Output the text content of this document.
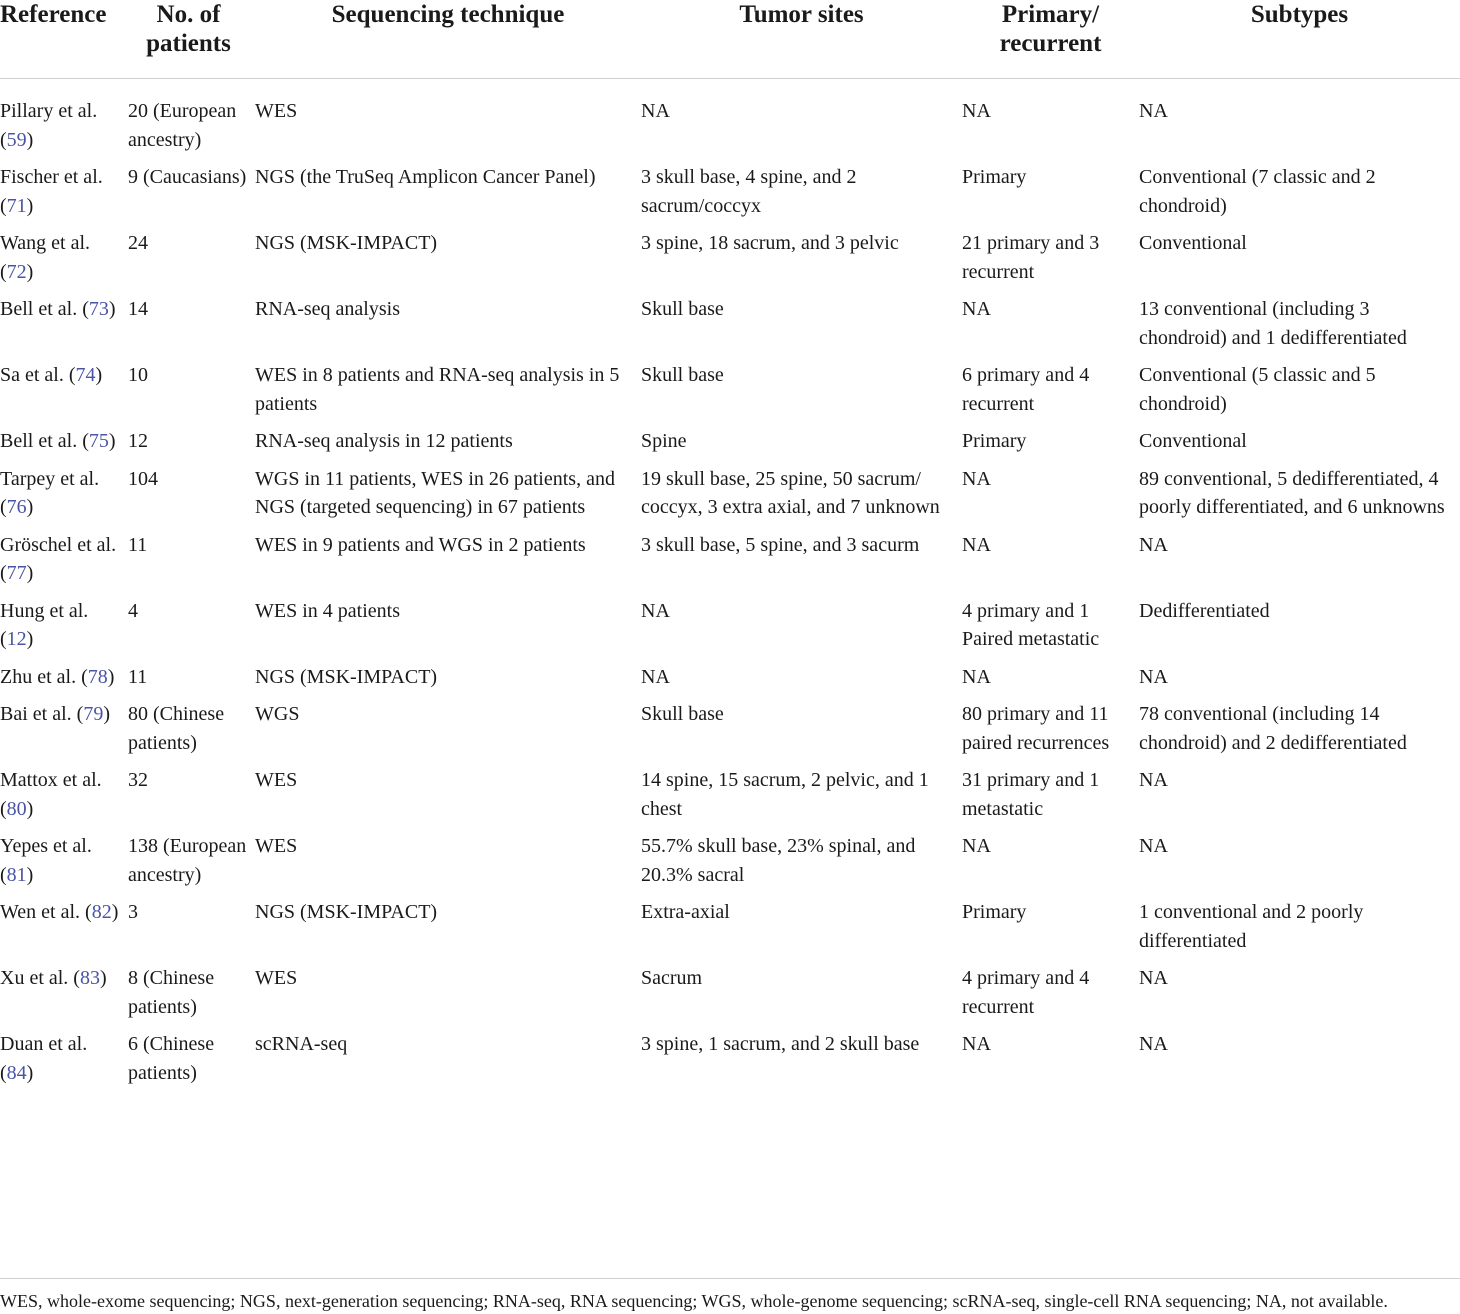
Reference	No. of patients	Sequencing technique	Tumor sites	Primary/ recurrent	Subtypes
Pillary et al. (59)	20 (European ancestry)	WES	NA	NA	NA
Fischer et al. (71)	9 (Caucasians)	NGS (the TruSeq Amplicon Cancer Panel)	3 skull base, 4 spine, and 2 sacrum/coccyx	Primary	Conventional (7 classic and 2 chondroid)
Wang et al. (72)	24	NGS (MSK-IMPACT)	3 spine, 18 sacrum, and 3 pelvic	21 primary and 3 recurrent	Conventional
Bell et al. (73)	14	RNA-seq analysis	Skull base	NA	13 conventional (including 3 chondroid) and 1 dedifferentiated
Sa et al. (74)	10	WES in 8 patients and RNA-seq analysis in 5 patients	Skull base	6 primary and 4 recurrent	Conventional (5 classic and 5 chondroid)
Bell et al. (75)	12	RNA-seq analysis in 12 patients	Spine	Primary	Conventional
Tarpey et al. (76)	104	WGS in 11 patients, WES in 26 patients, and NGS (targeted sequencing) in 67 patients	19 skull base, 25 spine, 50 sacrum/ coccyx, 3 extra axial, and 7 unknown	NA	89 conventional, 5 dedifferentiated, 4 poorly differentiated, and 6 unknowns
Gröschel et al. (77)	11	WES in 9 patients and WGS in 2 patients	3 skull base, 5 spine, and 3 sacurm	NA	NA
Hung et al. (12)	4	WES in 4 patients	NA	4 primary and 1 Paired metastatic	Dedifferentiated
Zhu et al. (78)	11	NGS (MSK-IMPACT)	NA	NA	NA
Bai et al. (79)	80 (Chinese patients)	WGS	Skull base	80 primary and 11 paired recurrences	78 conventional (including 14 chondroid) and 2 dedifferentiated
Mattox et al. (80)	32	WES	14 spine, 15 sacrum, 2 pelvic, and 1 chest	31 primary and 1 metastatic	NA
Yepes et al. (81)	138 (European ancestry)	WES	55.7% skull base, 23% spinal, and 20.3% sacral	NA	NA
Wen et al. (82)	3	NGS (MSK-IMPACT)	Extra-axial	Primary	1 conventional and 2 poorly differentiated
Xu et al. (83)	8 (Chinese patients)	WES	Sacrum	4 primary and 4 recurrent	NA
Duan et al. (84)	6 (Chinese patients)	scRNA-seq	3 spine, 1 sacrum, and 2 skull base	NA	NA
WES, whole-exome sequencing; NGS, next-generation sequencing; RNA-seq, RNA sequencing; WGS, whole-genome sequencing; scRNA-seq, single-cell RNA sequencing; NA, not available.
